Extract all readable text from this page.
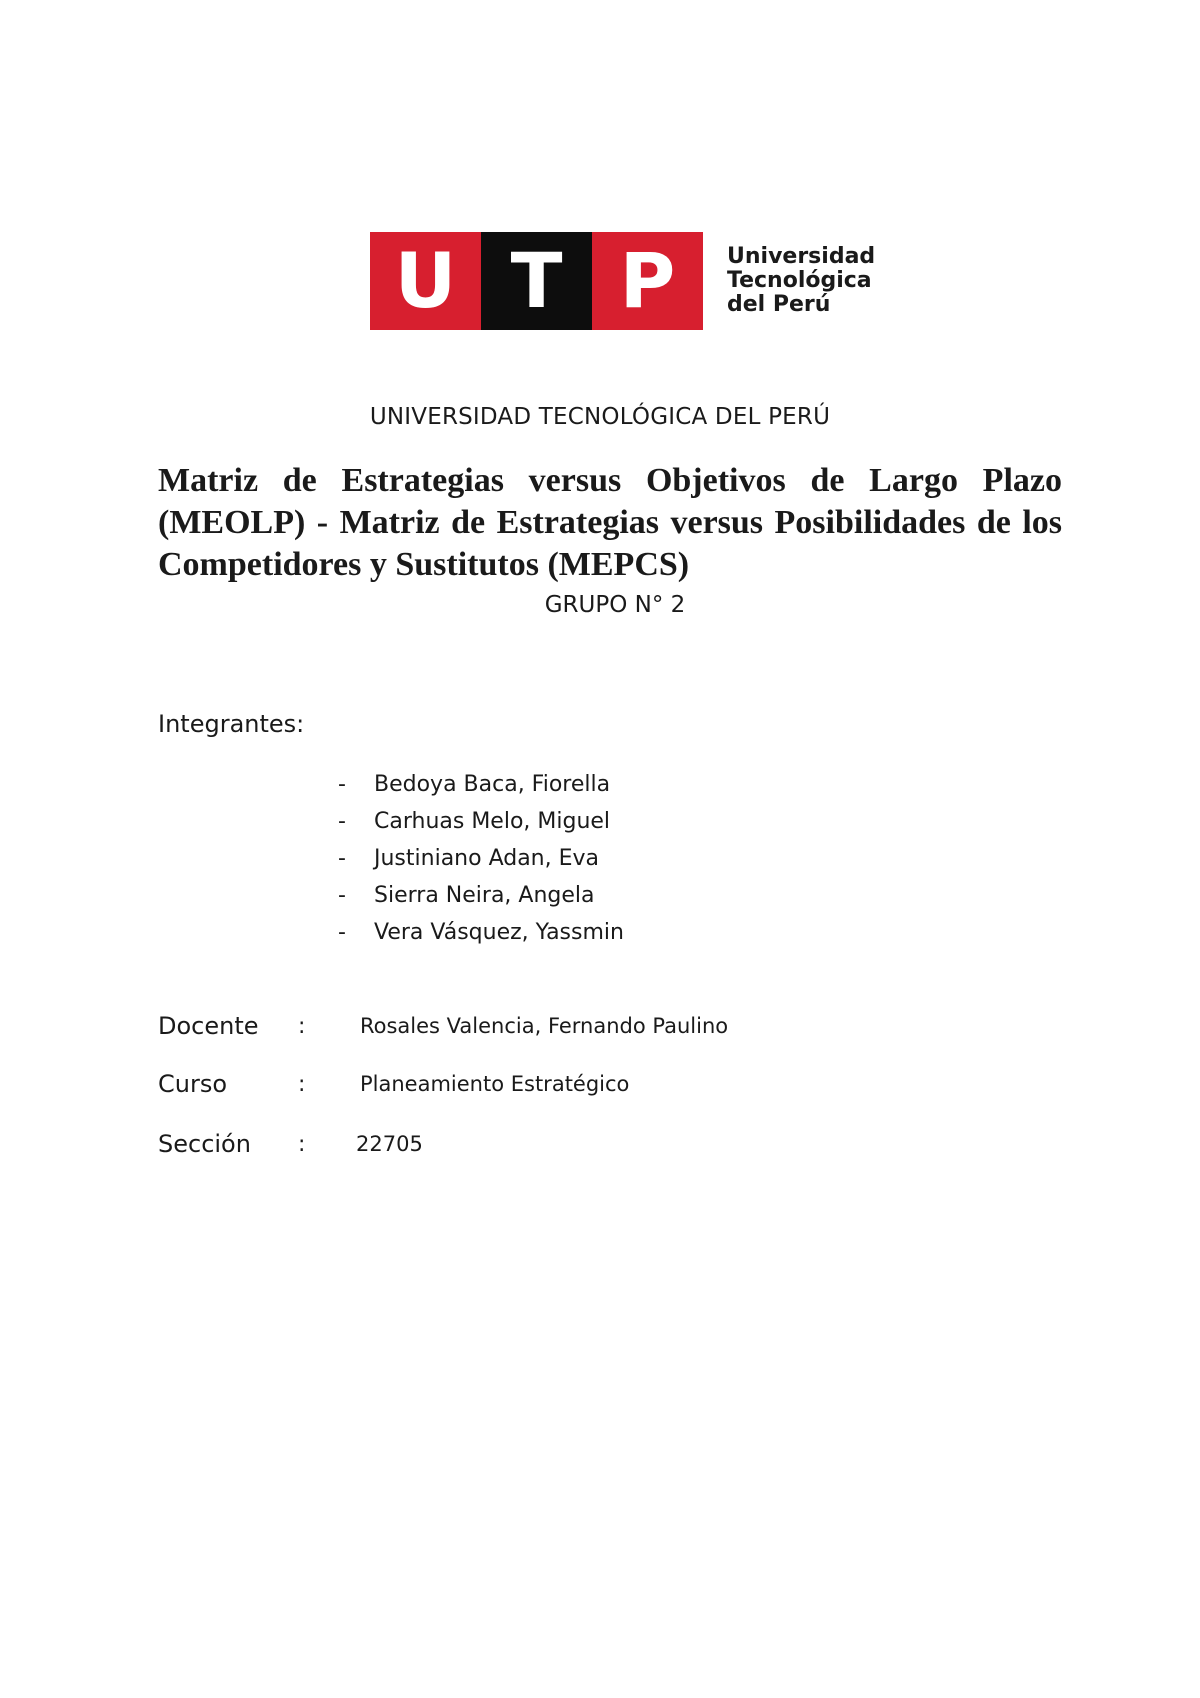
U T P	Universidad
Tecnológica
del Perú
UNIVERSIDAD TECNOLÓGICA DEL PERÚ
Matriz de Estrategias versus Objetivos de Largo Plazo (MEOLP) - Matriz de Estrategias versus Posibilidades de los Competidores y Sustitutos (MEPCS)
GRUPO N° 2
Integrantes:
-	Bedoya Baca, Fiorella
-	Carhuas Melo, Miguel
-	Justiniano Adan, Eva
-	Sierra Neira, Angela
-	Vera Vásquez, Yassmin
Docente	:	Rosales Valencia, Fernando Paulino
Curso	:	Planeamiento Estratégico
Sección	:	22705
